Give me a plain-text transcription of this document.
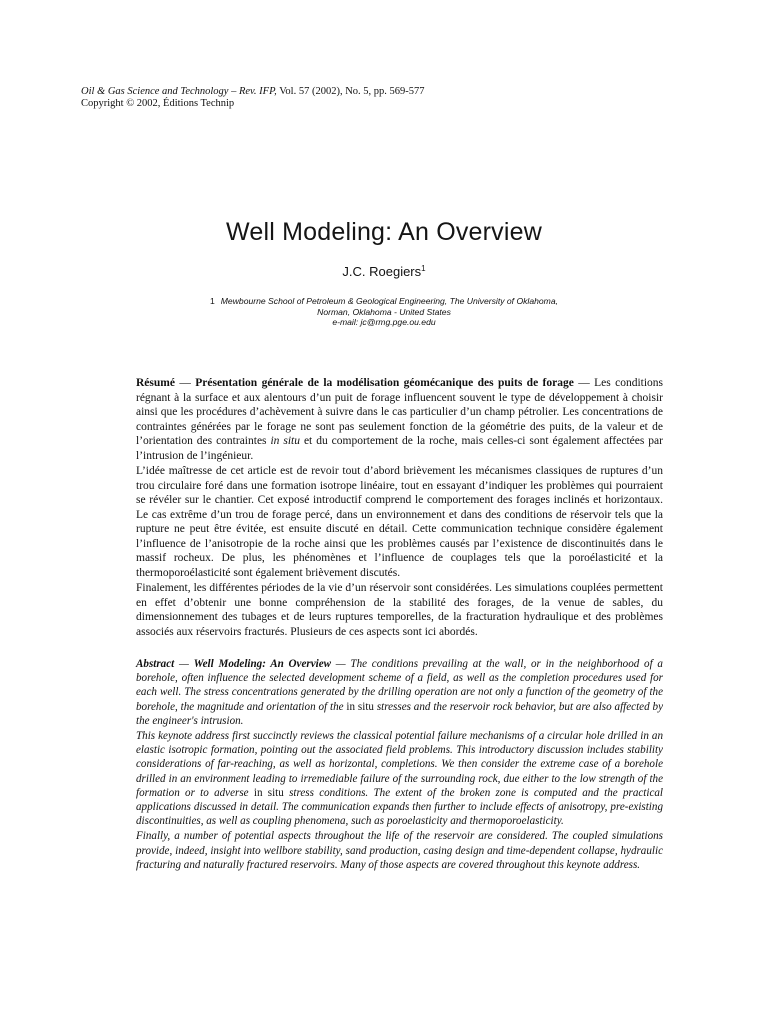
Oil & Gas Science and Technology – Rev. IFP, Vol. 57 (2002), No. 5, pp. 569-577
Copyright © 2002, Éditions Technip
Well Modeling: An Overview
J.C. Roegiers$^1$
1 Mewbourne School of Petroleum & Geological Engineering, The University of Oklahoma,
Norman, Oklahoma - United States
e-mail: jc@rmg.pge.ou.edu

Résumé — Présentation générale de la modélisation géomécanique des puits de forage — Les conditions régnant à la surface et aux alentours d’un puit de forage influencent souvent le type de développement à choisir ainsi que les procédures d’achèvement à suivre dans le cas particulier d’un champ pétrolier. Les concentrations de contraintes générées par le forage ne sont pas seulement fonction de la géométrie des puits, de la valeur et de l’orientation des contraintes in situ et du comportement de la roche, mais celles-ci sont également affectées par l’intrusion de l’ingénieur.

L’idée maîtresse de cet article est de revoir tout d’abord brièvement les mécanismes classiques de ruptures d’un trou circulaire foré dans une formation isotrope linéaire, tout en essayant d’indiquer les problèmes qui pourraient se révéler sur le chantier. Cet exposé introductif comprend le comportement des forages inclinés et horizontaux. Le cas extrême d’un trou de forage percé, dans un environnement et dans des conditions de réservoir tels que la rupture ne peut être évitée, est ensuite discuté en détail. Cette communication technique considère également l’influence de l’anisotropie de la roche ainsi que les problèmes causés par l’existence de discontinuités dans le massif rocheux. De plus, les phénomènes et l’influence de couplages tels que la poroélasticité et la thermoporoélasticité sont également brièvement discutés.

Finalement, les différentes périodes de la vie d’un réservoir sont considérées. Les simulations couplées permettent en effet d’obtenir une bonne compréhension de la stabilité des forages, de la venue de sables, du dimensionnement des tubages et de leurs ruptures temporelles, de la fracturation hydraulique et des problèmes associés aux réservoirs fracturés. Plusieurs de ces aspects sont ici abordés.

Abstract — Well Modeling: An Overview — The conditions prevailing at the wall, or in the neighborhood of a borehole, often influence the selected development scheme of a field, as well as the completion procedures used for each well. The stress concentrations generated by the drilling operation are not only a function of the geometry of the borehole, the magnitude and orientation of the in situ stresses and the reservoir rock behavior, but are also affected by the engineer's intrusion.

This keynote address first succinctly reviews the classical potential failure mechanisms of a circular hole drilled in an elastic isotropic formation, pointing out the associated field problems. This introductory discussion includes stability considerations of far-reaching, as well as horizontal, completions. We then consider the extreme case of a borehole drilled in an environment leading to irremediable failure of the surrounding rock, due either to the low strength of the formation or to adverse in situ stress conditions. The extent of the broken zone is computed and the practical applications discussed in detail. The communication expands then further to include effects of anisotropy, pre-existing discontinuities, as well as coupling phenomena, such as poroelasticity and thermoporoelasticity.

Finally, a number of potential aspects throughout the life of the reservoir are considered. The coupled simulations provide, indeed, insight into wellbore stability, sand production, casing design and time-dependent collapse, hydraulic fracturing and naturally fractured reservoirs. Many of those aspects are covered throughout this keynote address.
